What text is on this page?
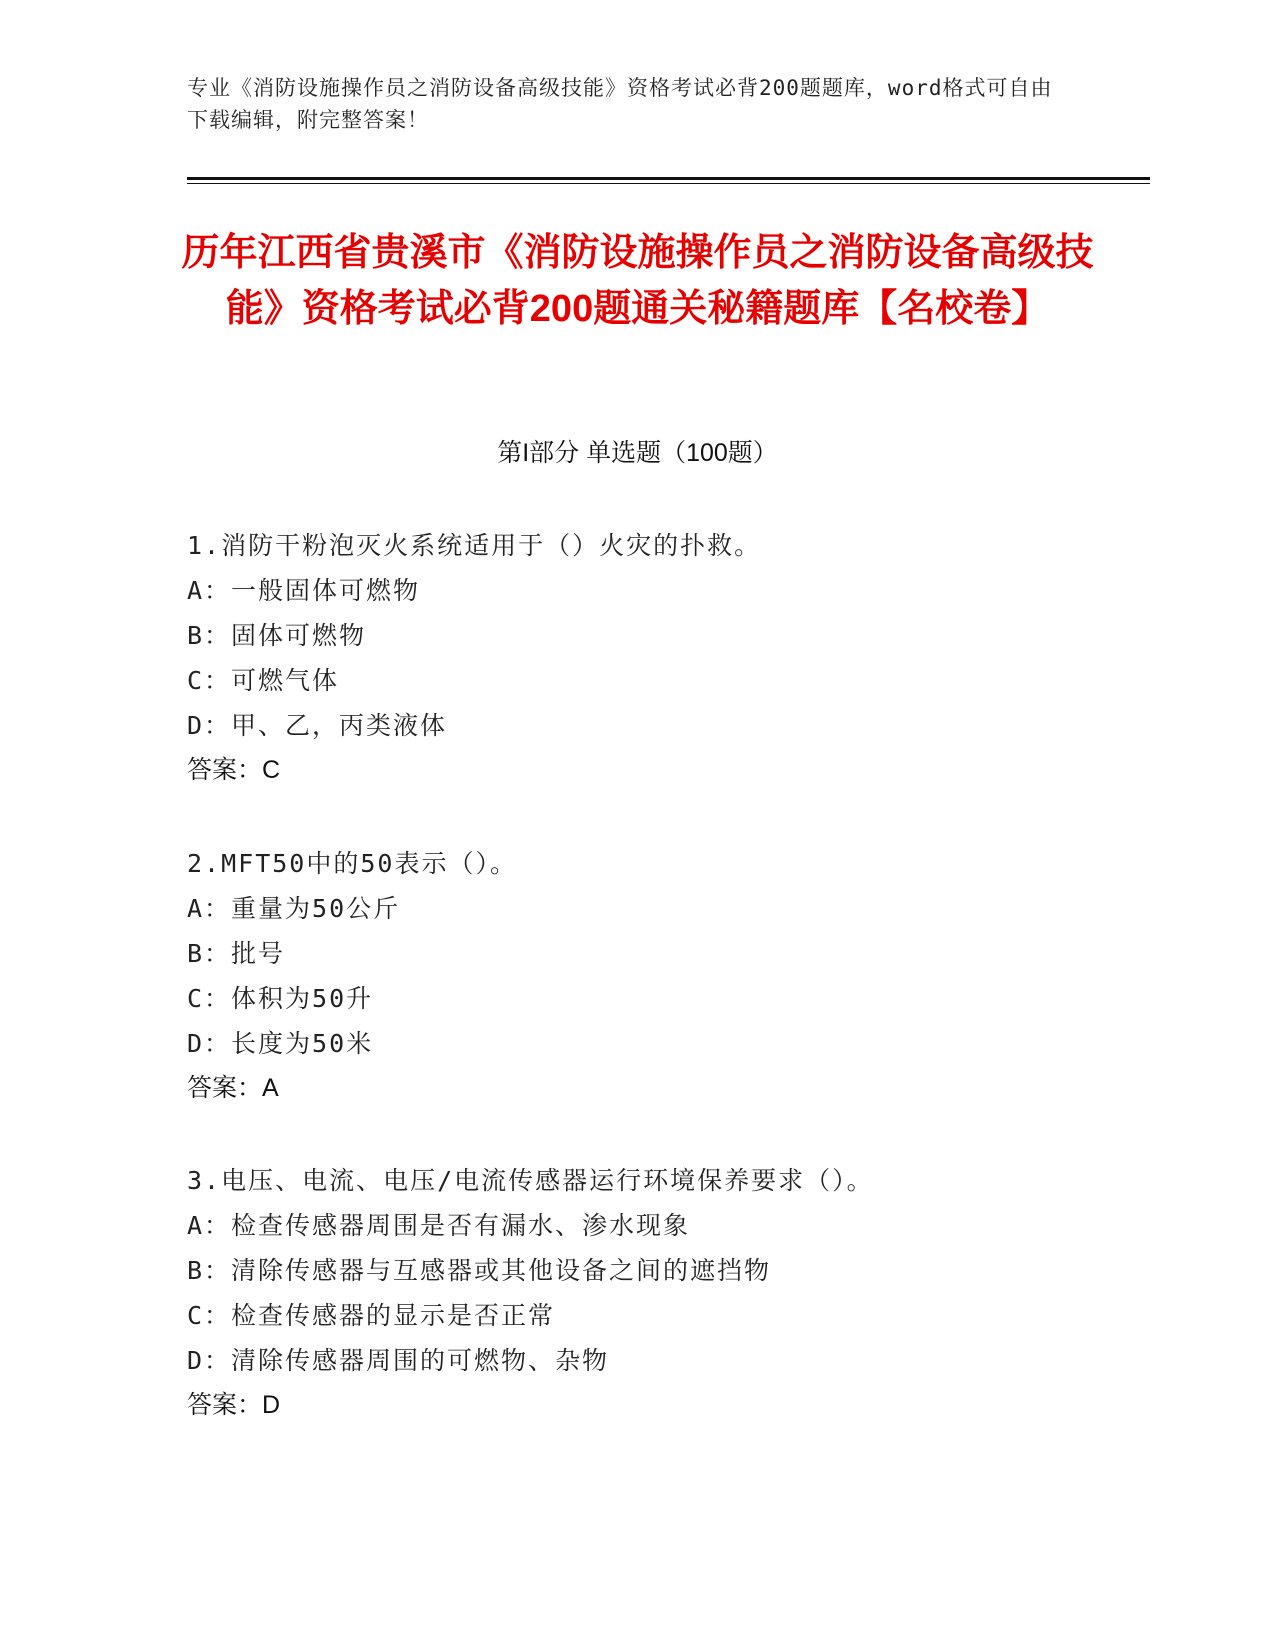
专业《消防设施操作员之消防设备高级技能》资格考试必背200题题库，word格式可自由下载编辑，附完整答案！
历年江西省贵溪市《消防设施操作员之消防设备高级技能》资格考试必背200题通关秘籍题库【名校卷】
第I部分 单选题（100题）
1.消防干粉泡灭火系统适用于（）火灾的扑救。
A：一般固体可燃物
B：固体可燃物
C：可燃气体
D：甲、乙，丙类液体
答案：C
2.MFT50中的50表示（）。
A：重量为50公斤
B：批号
C：体积为50升
D：长度为50米
答案：A
3.电压、电流、电压/电流传感器运行环境保养要求（）。
A：检查传感器周围是否有漏水、渗水现象
B：清除传感器与互感器或其他设备之间的遮挡物
C：检查传感器的显示是否正常
D：清除传感器周围的可燃物、杂物
答案：D
